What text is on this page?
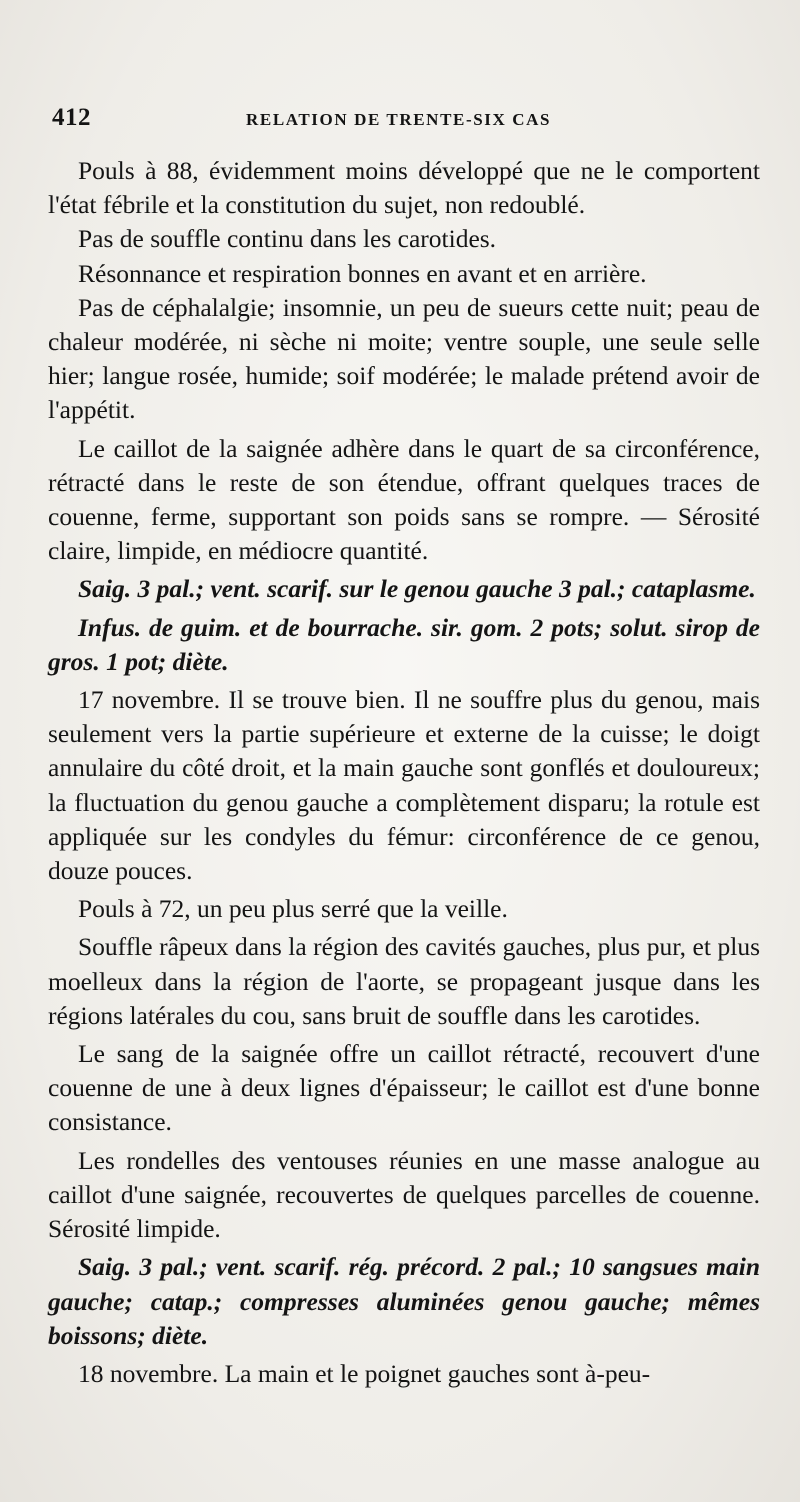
412	RELATION DE TRENTE-SIX CAS

Pouls à 88, évidemment moins développé que ne le comportent l'état fébrile et la constitution du sujet, non redoublé.

Pas de souffle continu dans les carotides.

Résonnance et respiration bonnes en avant et en arrière.

Pas de céphalalgie; insomnie, un peu de sueurs cette nuit; peau de chaleur modérée, ni sèche ni moite; ventre souple, une seule selle hier; langue rosée, humide; soif modérée; le malade prétend avoir de l'appétit.

Le caillot de la saignée adhère dans le quart de sa circonférence, rétracté dans le reste de son étendue, offrant quelques traces de couenne, ferme, supportant son poids sans se rompre. — Sérosité claire, limpide, en médiocre quantité.

Saig. 3 pal.; vent. scarif. sur le genou gauche 3 pal.; cataplasme.

Infus. de guim. et de bourrache. sir. gom. 2 pots; solut. sirop de gros. 1 pot; diète.

17 novembre. Il se trouve bien. Il ne souffre plus du genou, mais seulement vers la partie supérieure et externe de la cuisse; le doigt annulaire du côté droit, et la main gauche sont gonflés et douloureux; la fluctuation du genou gauche a complètement disparu; la rotule est appliquée sur les condyles du fémur: circonférence de ce genou, douze pouces.

Pouls à 72, un peu plus serré que la veille.

Souffle râpeux dans la région des cavités gauches, plus pur, et plus moelleux dans la région de l'aorte, se propageant jusque dans les régions latérales du cou, sans bruit de souffle dans les carotides.

Le sang de la saignée offre un caillot rétracté, recouvert d'une couenne de une à deux lignes d'épaisseur; le caillot est d'une bonne consistance.

Les rondelles des ventouses réunies en une masse analogue au caillot d'une saignée, recouvertes de quelques parcelles de couenne. Sérosité limpide.

Saig. 3 pal.; vent. scarif. rég. précord. 2 pal.; 10 sangsues main gauche; catap.; compresses aluminées genou gauche; mêmes boissons; diète.

18 novembre. La main et le poignet gauches sont à-peu-
